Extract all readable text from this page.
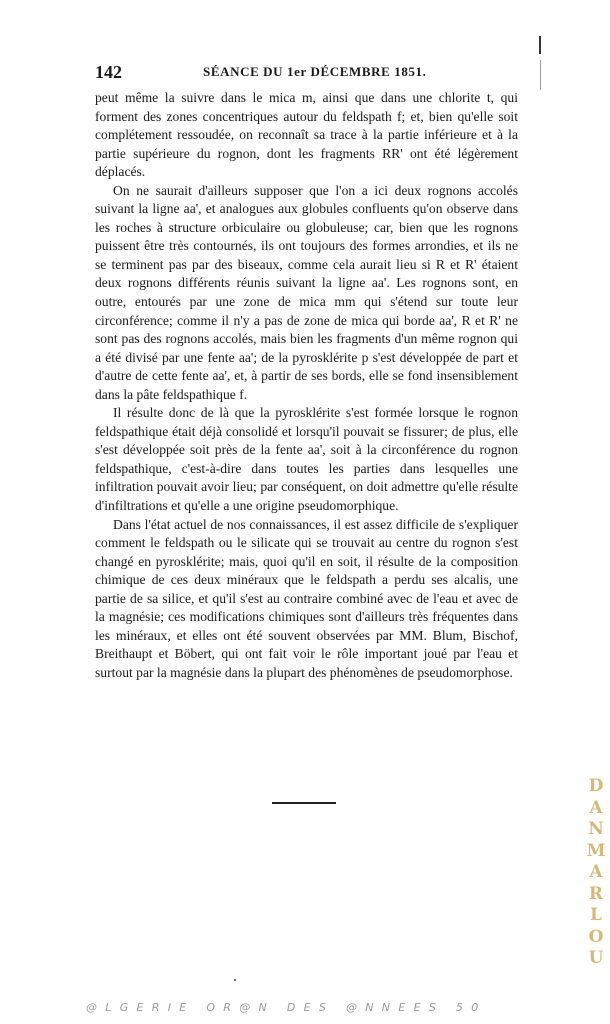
142	SÉANCE DU 1er DÉCEMBRE 1851.

peut même la suivre dans le mica m, ainsi que dans une chlorite t, qui forment des zones concentriques autour du feldspath f; et, bien qu'elle soit complétement ressoudée, on reconnaît sa trace à la partie inférieure et à la partie supérieure du rognon, dont les fragments RR' ont été légèrement déplacés.

On ne saurait d'ailleurs supposer que l'on a ici deux rognons accolés suivant la ligne aa', et analogues aux globules confluents qu'on observe dans les roches à structure orbiculaire ou globuleuse; car, bien que les rognons puissent être très contournés, ils ont toujours des formes arrondies, et ils ne se terminent pas par des biseaux, comme cela aurait lieu si R et R' étaient deux rognons différents réunis suivant la ligne aa'. Les rognons sont, en outre, entourés par une zone de mica mm qui s'étend sur toute leur circonférence; comme il n'y a pas de zone de mica qui borde aa', R et R' ne sont pas des rognons accolés, mais bien les fragments d'un même rognon qui a été divisé par une fente aa'; de la pyrosklérite p s'est développée de part et d'autre de cette fente aa', et, à partir de ses bords, elle se fond insensiblement dans la pâte feldspathique f.

Il résulte donc de là que la pyrosklérite s'est formée lorsque le rognon feldspathique était déjà consolidé et lorsqu'il pouvait se fissurer; de plus, elle s'est développée soit près de la fente aa', soit à la circonférence du rognon feldspathique, c'est-à-dire dans toutes les parties dans lesquelles une infiltration pouvait avoir lieu; par conséquent, on doit admettre qu'elle résulte d'infiltrations et qu'elle a une origine pseudomorphique.

Dans l'état actuel de nos connaissances, il est assez difficile de s'expliquer comment le feldspath ou le silicate qui se trouvait au centre du rognon s'est changé en pyrosklérite; mais, quoi qu'il en soit, il résulte de la composition chimique de ces deux minéraux que le feldspath a perdu ses alcalis, une partie de sa silice, et qu'il s'est au contraire combiné avec de l'eau et avec de la magnésie; ces modifications chimiques sont d'ailleurs très fréquentes dans les minéraux, et elles ont été souvent observées par MM. Blum, Bischof, Breithaupt et Böbert, qui ont fait voir le rôle important joué par l'eau et surtout par la magnésie dans la plupart des phénomènes de pseudomorphose.

D
A
N
M
A
R
L
O
U
@LGERIE OR@N DES @NNEES 50
